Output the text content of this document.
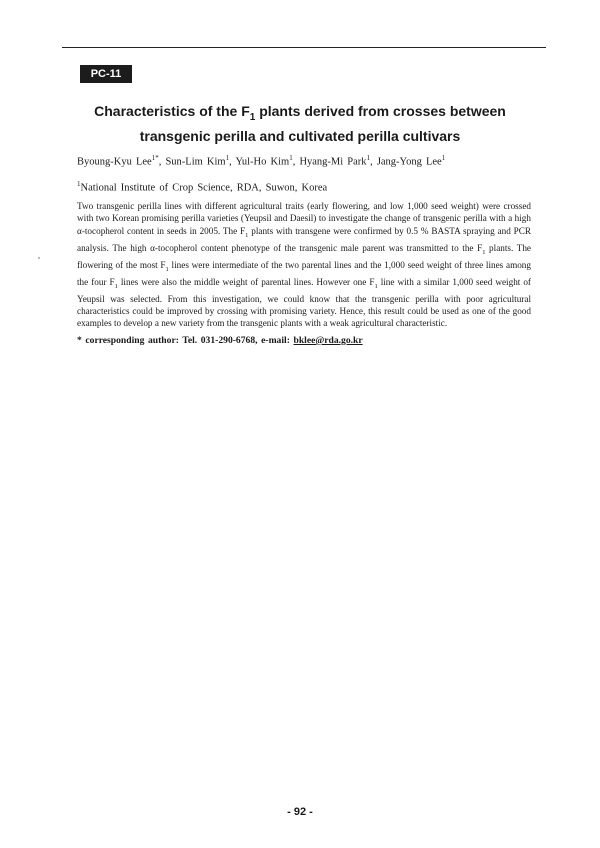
PC-11
Characteristics of the $F_1$ plants derived from crosses between transgenic perilla and cultivated perilla cultivars
Byoung-Kyu Lee$^{1*}$, Sun-Lim Kim$^1$, Yul-Ho Kim$^1$, Hyang-Mi Park$^1$, Jang-Yong Lee$^1$
$^1$National Institute of Crop Science, RDA, Suwon, Korea
Two transgenic perilla lines with different agricultural traits (early flowering, and low 1,000 seed weight) were crossed with two Korean promising perilla varieties (Yeupsil and Daesil) to investigate the change of transgenic perilla with a high α-tocopherol content in seeds in 2005. The $F_1$ plants with transgene were confirmed by 0.5 % BASTA spraying and PCR analysis. The high α-tocopherol content phenotype of the transgenic male parent was transmitted to the $F_1$ plants. The flowering of the most $F_1$ lines were intermediate of the two parental lines and the 1,000 seed weight of three lines among the four $F_1$ lines were also the middle weight of parental lines. However one $F_1$ line with a similar 1,000 seed weight of Yeupsil was selected. From this investigation, we could know that the transgenic perilla with poor agricultural characteristics could be improved by crossing with promising variety. Hence, this result could be used as one of the good examples to develop a new variety from the transgenic plants with a weak agricultural characteristic.
* corresponding author: Tel. 031-290-6768, e-mail: bklee@rda.go.kr
- 92 -
